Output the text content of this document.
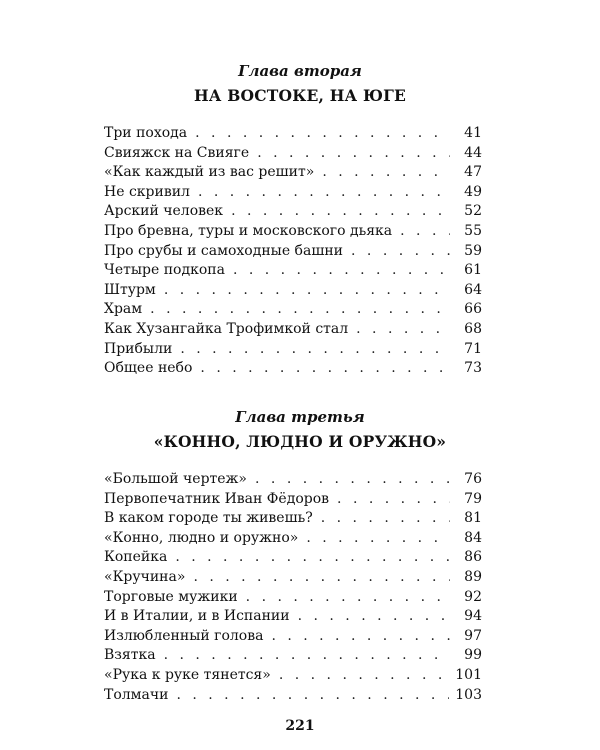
Глава вторая
НА ВОСТОКЕ, НА ЮГЕ
Три похода . . .	41
Свияжск на Свияге . . .	44
«Как каждый из вас решит» . . .	47
Не скривил . . .	49
Арский человек . . .	52
Про бревна, туры и московского дьяка . . .	55
Про срубы и самоходные башни . . .	59
Четыре подкопа . . .	61
Штурм . . .	64
Храм . . .	66
Как Хузангайка Трофимкой стал . . .	68
Прибыли . . .	71
Общее небо . . .	73
Глава третья
«КОННО, ЛЮДНО И ОРУЖНО»
«Большой чертеж» . . .	76
Первопечатник Иван Фёдоров . . .	79
В каком городе ты живешь? . . .	81
«Конно, людно и оружно» . . .	84
Копейка . . .	86
«Кручина» . . .	89
Торговые мужики . . .	92
И в Италии, и в Испании . . .	94
Излюбленный голова . . .	97
Взятка . . .	99
«Рука к руке тянется» . . .	101
Толмачи . . .	103
221
